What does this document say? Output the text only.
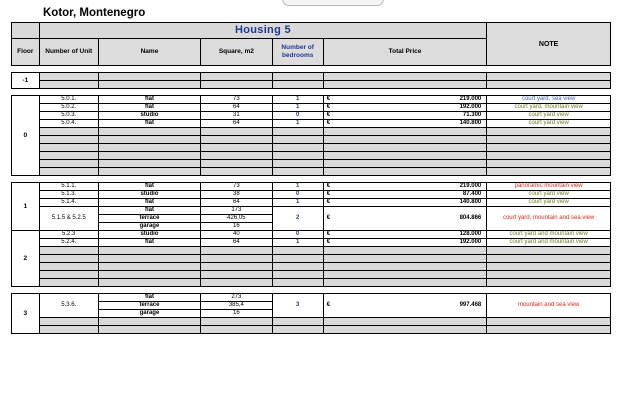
Kotor, Montenegro
	Housing 5					NOTE
Floor	Number of Unit	Name	Square, m2	Number of bedrooms	Total Price	

-1						

0	5.0.1.	flat	73	1	€ 219.000	court yard, sea view
	5.0.2.	flat	64	1	€ 192.000	court yard, mountain view
	5.0.3.	studio	31	0	€ 71.300	court yard view
	5.0.4.	flat	64	1	€ 140.800	court yard view

1	5.1.1.	flat	73	1	€ 219.000	panoramic mountain view
	5.1.3.	studio	38	0	€ 87.400	court yard view
	5.1.4.	flat	64	1	€ 140.800	court yard view
	5.1.5 & 5.2.5	flat	173	2	€ 804.866	court yard, mountain and sea view
		terrace	426,05			
		garage	16			
2	5.2.3	studio	40	0	€ 128.000	court yard and mountain view
	5.2.4.	flat	64	1	€ 192.000	court yard and mountain view

3	5.3.6.	flat	273	3	€ 997.468	mountain and sea view
		terrace	385,4			
		garage	16			
